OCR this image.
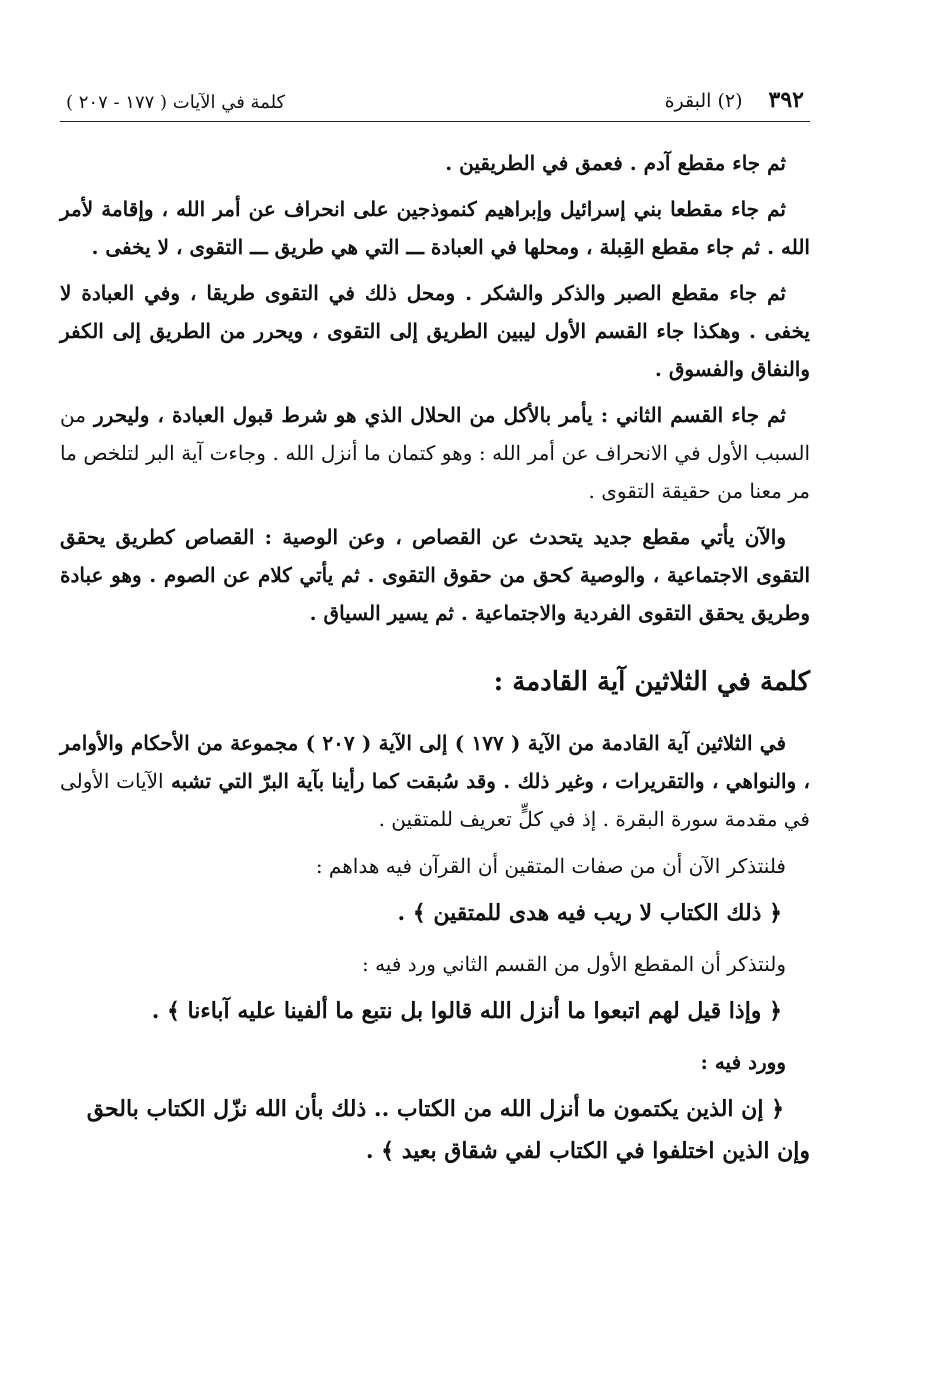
٣٩٢
(٢) البقرة
كلمة في الآيات ( ١٧٧ - ٢٠٧ )

ثم جاء مقطع آدم . فعمق في الطريقين .

ثم جاء مقطعا بني إسرائيل وإبراهيم كنموذجين على انحراف عن أمر الله ، وإقامة لأمر الله . ثم جاء مقطع القِبلة ، ومحلها في العبادة ـــ التي هي طريق ـــ التقوى ، لا يخفى .

ثم جاء مقطع الصبر والذكر والشكر . ومحل ذلك في التقوى طريقا ، وفي العبادة لا يخفى . وهكذا جاء القسم الأول ليبين الطريق إلى التقوى ، ويحرر من الطريق إلى الكفر والنفاق والفسوق .

ثم جاء القسم الثاني : يأمر بالأكل من الحلال الذي هو شرط قبول العبادة ، وليحرر من السبب الأول في الانحراف عن أمر الله : وهو كتمان ما أنزل الله . وجاءت آية البر لتلخص ما مر معنا من حقيقة التقوى .

والآن يأتي مقطع جديد يتحدث عن القصاص ، وعن الوصية : القصاص كطريق يحقق التقوى الاجتماعية ، والوصية كحق من حقوق التقوى . ثم يأتي كلام عن الصوم . وهو عبادة وطريق يحقق التقوى الفردية والاجتماعية . ثم يسير السياق .

كلمة في الثلاثين آية القادمة :

في الثلاثين آية القادمة من الآية ( ١٧٧ ) إلى الآية ( ٢٠٧ ) مجموعة من الأحكام والأوامر ، والنواهي ، والتقريرات ، وغير ذلك . وقد سُبقت كما رأينا بآية البرّ التي تشبه الآيات الأولى في مقدمة سورة البقرة . إذ في كلٍّ تعريف للمتقين .

فلنتذكر الآن أن من صفات المتقين أن القرآن فيه هداهم :
﴿ ذلك الكتاب لا ريب فيه هدى للمتقين ﴾ .
ولنتذكر أن المقطع الأول من القسم الثاني ورد فيه :
﴿ وإذا قيل لهم اتبعوا ما أنزل الله قالوا بل نتبع ما ألفينا عليه آباءنا ﴾ .
وورد فيه :
﴿ إن الذين يكتمون ما أنزل الله من الكتاب .. ذلك بأن الله نزّل الكتاب بالحق وإن الذين اختلفوا في الكتاب لفي شقاق بعيد ﴾ .
